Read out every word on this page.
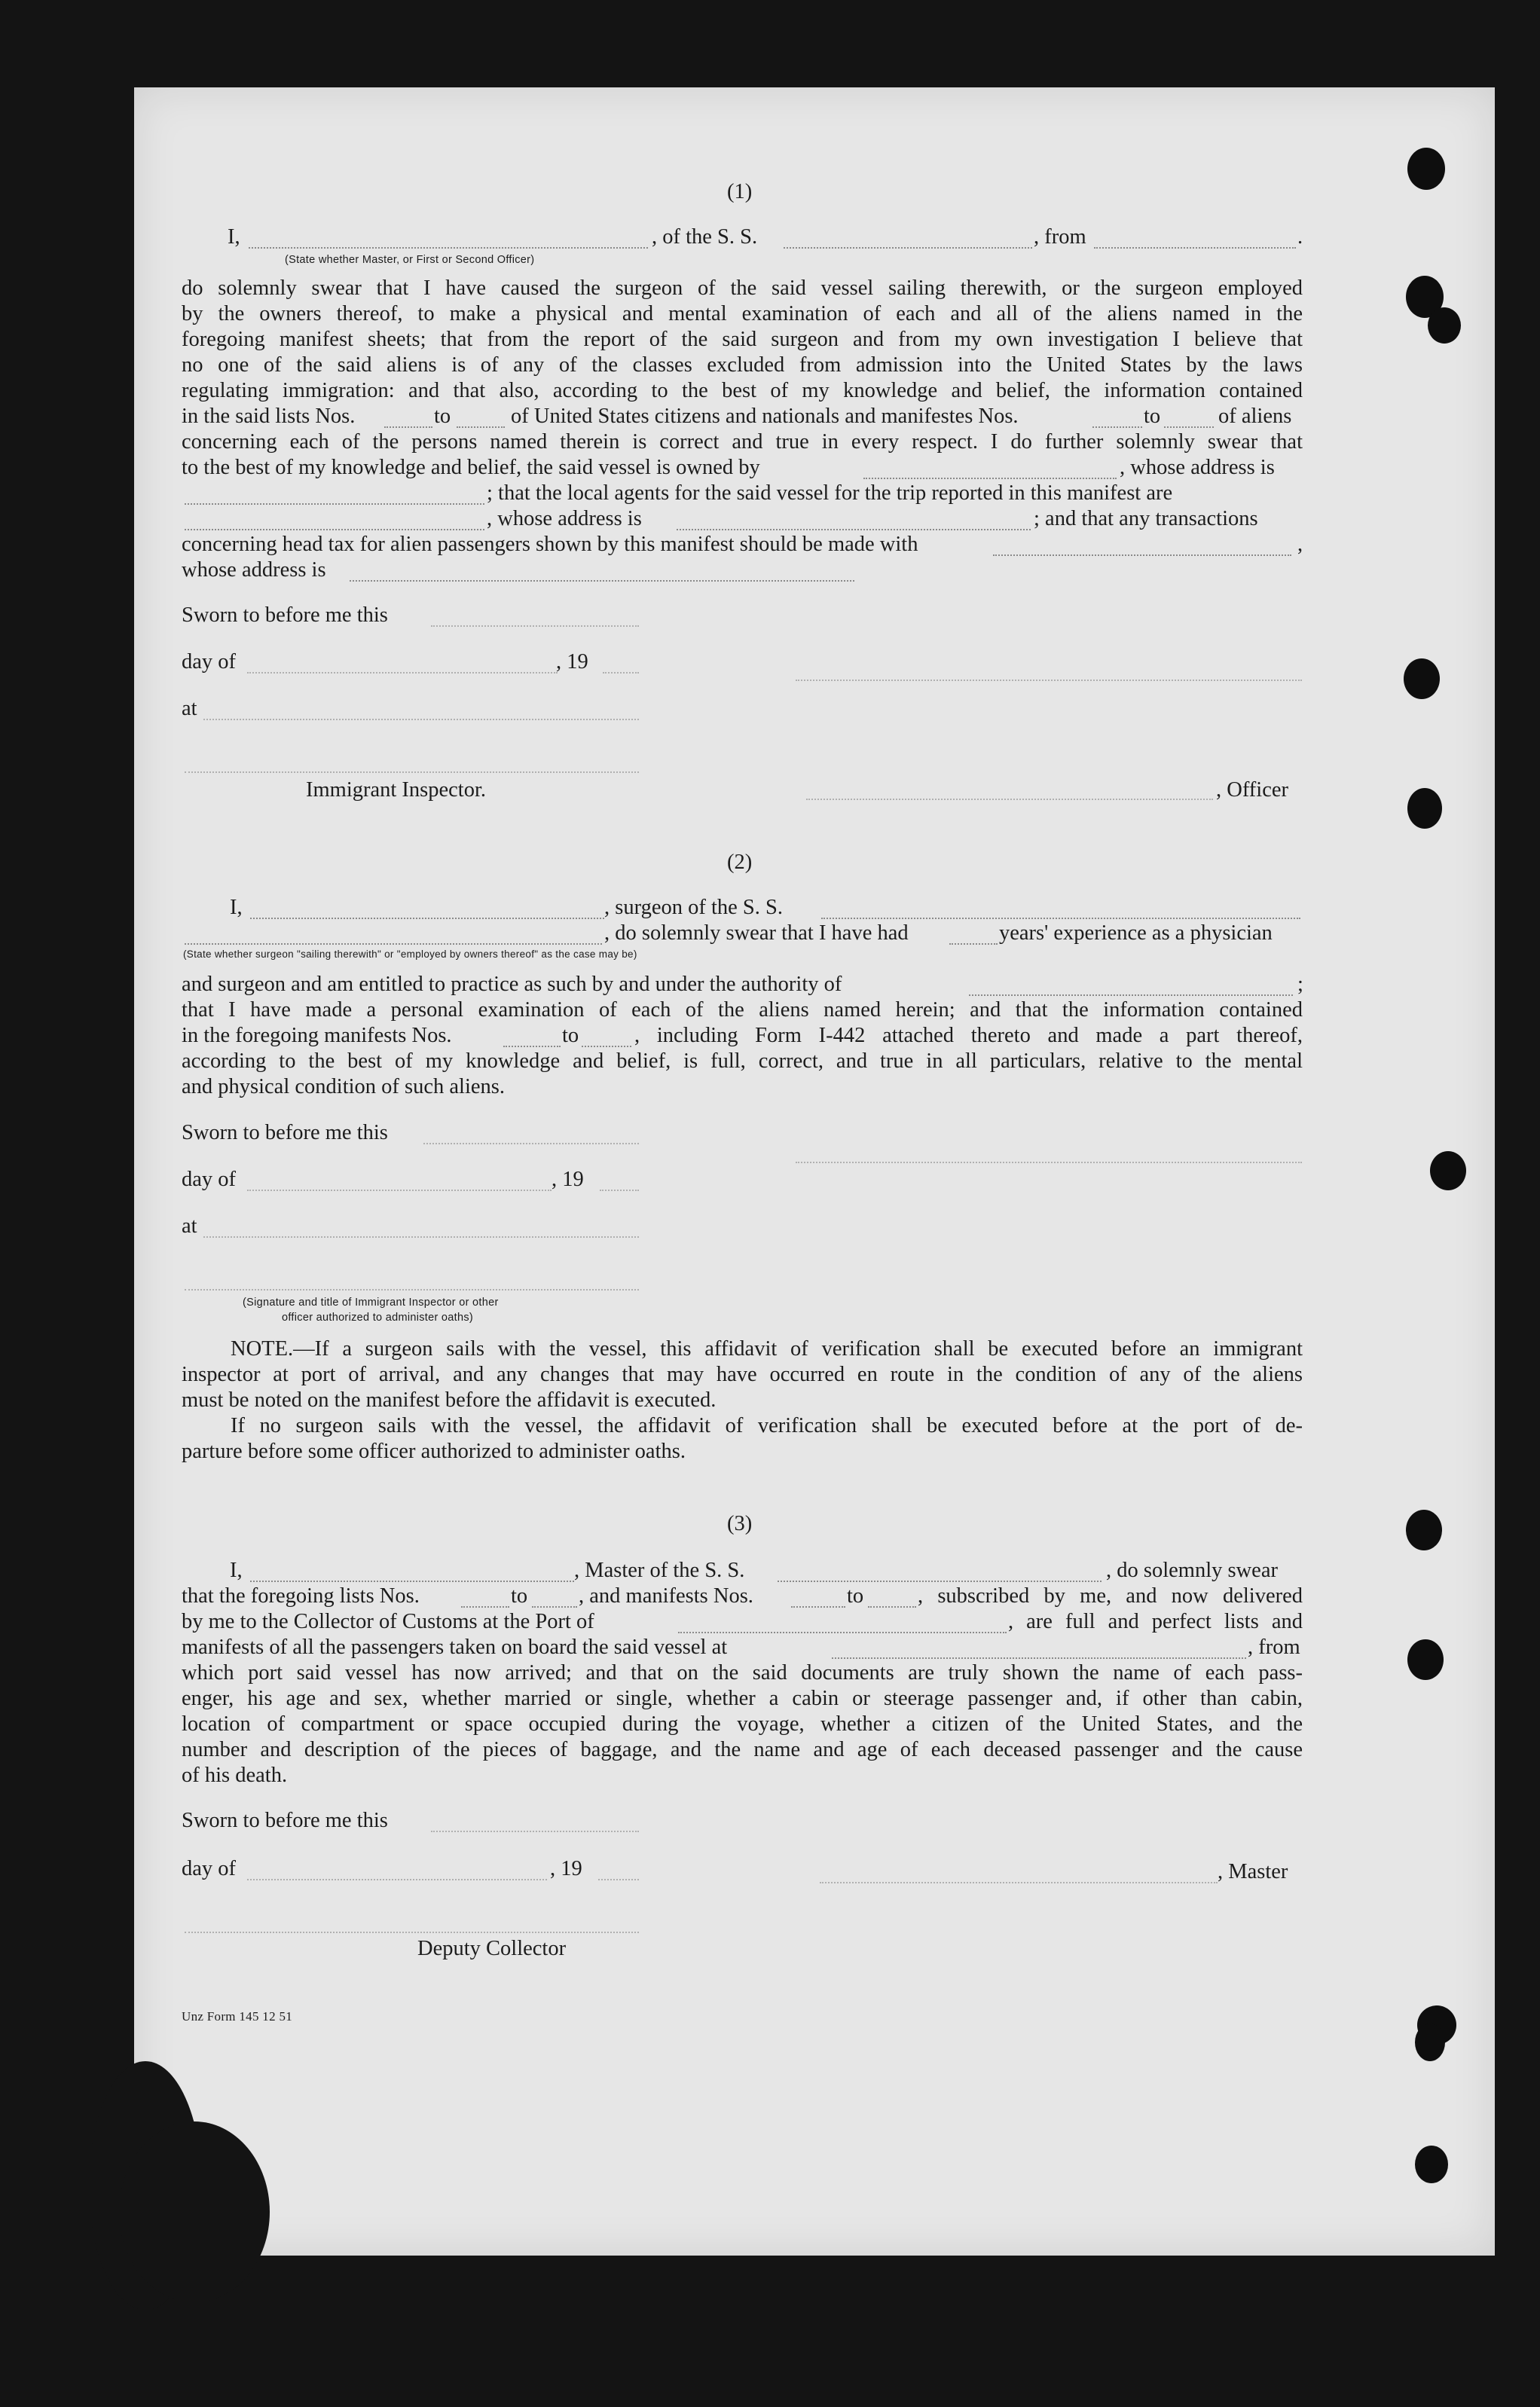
(1)
I,	, of the S. S.	, from	.
(State whether Master, or First or Second Officer)
do solemnly swear that I have caused the surgeon of the said vessel sailing therewith, or the surgeon employed
by the owners thereof, to make a physical and mental examination of each and all of the aliens named in the
foregoing manifest sheets; that from the report of the said surgeon and from my own investigation I believe that
no one of the said aliens is of any of the classes excluded from admission into the United States by the laws
regulating immigration: and that also, according to the best of my knowledge and belief, the information contained
in the said lists Nos.	to	of United States citizens and nationals and manifestes Nos.	to	of aliens
concerning each of the persons named therein is correct and true in every respect. I do further solemnly swear that
to the best of my knowledge and belief, the said vessel is owned by	, whose address is
; that the local agents for the said vessel for the trip reported in this manifest are
, whose address is	; and that any transactions
concerning head tax for alien passengers shown by this manifest should be made with	,
whose address is
Sworn to before me this
day of	, 19
at
Immigrant Inspector.	, Officer
(2)
I,	, surgeon of the S. S.
, do solemnly swear that I have had	years' experience as a physician
(State whether surgeon "sailing therewith" or "employed by owners thereof" as the case may be)
and surgeon and am entitled to practice as such by and under the authority of	;
that I have made a personal examination of each of the aliens named herein; and that the information contained
in the foregoing manifests Nos.	to	, including Form I-442 attached thereto and made a part thereof,
according to the best of my knowledge and belief, is full, correct, and true in all particulars, relative to the mental
and physical condition of such aliens.
Sworn to before me this
day of	, 19
at
(Signature and title of Immigrant Inspector or other
officer authorized to administer oaths)
NOTE.—If a surgeon sails with the vessel, this affidavit of verification shall be executed before an immigrant
inspector at port of arrival, and any changes that may have occurred en route in the condition of any of the aliens
must be noted on the manifest before the affidavit is executed.
If no surgeon sails with the vessel, the affidavit of verification shall be executed before at the port of de-
parture before some officer authorized to administer oaths.
(3)
I,	, Master of the S. S.	, do solemnly swear
that the foregoing lists Nos.	to , and manifests Nos.	to	, subscribed by me, and now delivered
by me to the Collector of Customs at the Port of	, are full and perfect lists and
manifests of all the passengers taken on board the said vessel at	, from
which port said vessel has now arrived; and that on the said documents are truly shown the name of each pass-
enger, his age and sex, whether married or single, whether a cabin or steerage passenger and, if other than cabin,
location of compartment or space occupied during the voyage, whether a citizen of the United States, and the
number and description of the pieces of baggage, and the name and age of each deceased passenger and the cause
of his death.
Sworn to before me this
day of	, 19	, Master
Deputy Collector
Unz Form 145 12 51
